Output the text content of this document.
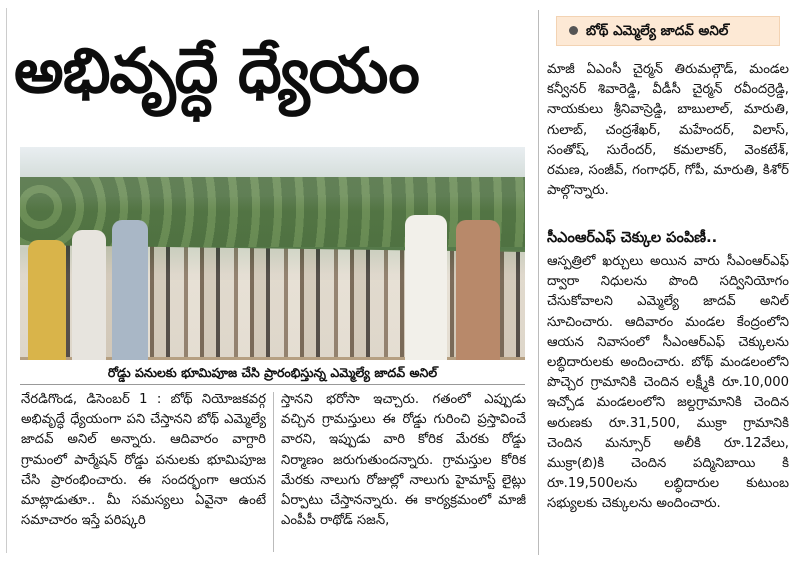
అభివృద్ధే ధ్యేయం
రోడ్డు పనులకు భూమిపూజ చేసి ప్రారంభిస్తున్న ఎమ్మెల్యే జాదవ్ అనిల్

నేరడిగొండ, డిసెంబర్ 1 : బోథ్ నియోజకవర్గ అభివృద్ధే ధ్యేయంగా పని చేస్తానని బోథ్ ఎమ్మెల్యే జాదవ్ అనిల్ అన్నారు. ఆదివారం వాగ్దారి గ్రామంలో పార్మేషన్ రోడ్డు పనులకు భూమిపూజ చేసి ప్రారంభించారు. ఈ సందర్భంగా ఆయన మాట్లాడుతూ.. మీ సమస్యలు ఏవైనా ఉంటే సమాచారం ఇస్తే పరిష్కరి

స్తానని భరోసా ఇచ్చారు. గతంలో ఎప్పుడు వచ్చిన గ్రామస్తులు ఈ రోడ్డు గురించి ప్రస్తావించే వారని, ఇప్పుడు వారి కోరిక మేరకు రోడ్డు నిర్మాణం జరుగుతుందన్నారు. గ్రామస్తుల కోరిక మేరకు నాలుగు రోజుల్లో నాలుగు హైమాస్ట్ లైట్లు ఏర్పాటు చేస్తానన్నారు. ఈ కార్యక్రమంలో మాజీ ఎంపీపీ రాథోడ్ సజన్,

బోథ్ ఎమ్మెల్యే జాదవ్ అనిల్

మాజీ ఏఎంసీ చైర్మన్ తిరుమల్గౌడ్, మండల కన్వీనర్ శివారెడ్డి, వీడీసీ చైర్మన్ రవీందర్రెడ్డి, నాయకులు శ్రీనివాస్రెడ్డి, బాబులాల్, మారుతి, గులాబ్, చంద్రశేఖర్, మహేందర్, విలాస్, సంతోష్, సురేందర్, కమలాకర్, వెంకటేశ్, రమణ, సంజీవ్, గంగాధర్, గోపీ, మారుతి, కిశోర్ పాల్గొన్నారు.

సీఎంఆర్ఎఫ్ చెక్కుల పంపిణీ..

ఆస్పత్రిలో ఖర్చులు అయిన వారు సీఎంఆర్ఎఫ్ ద్వారా నిధులను పొంది సద్వినియోగం చేసుకోవాలని ఎమ్మెల్యే జాదవ్ అనిల్ సూచించారు. ఆదివారం మండల కేంద్రంలోని ఆయన నివాసంలో సీఎంఆర్ఎఫ్ చెక్కులను లబ్ధిదారులకు అందించారు. బోథ్ మండలంలోని పొచ్చెర గ్రామానికి చెందిన లక్ష్మీకి రూ.10,000 ఇచ్చోడ మండలంలోని జల్దగ్రామానికి చెందిన అరుణకు రూ.31,500, ముక్రా గ్రామానికి చెందిన మన్సూర్ అలీకి రూ.12వేలు, ముక్రా(బి)కి చెందిన పద్మినిబాయి కి రూ.19,500లను లబ్ధిదారుల కుటుంబ సభ్యులకు చెక్కులను అందించారు.
